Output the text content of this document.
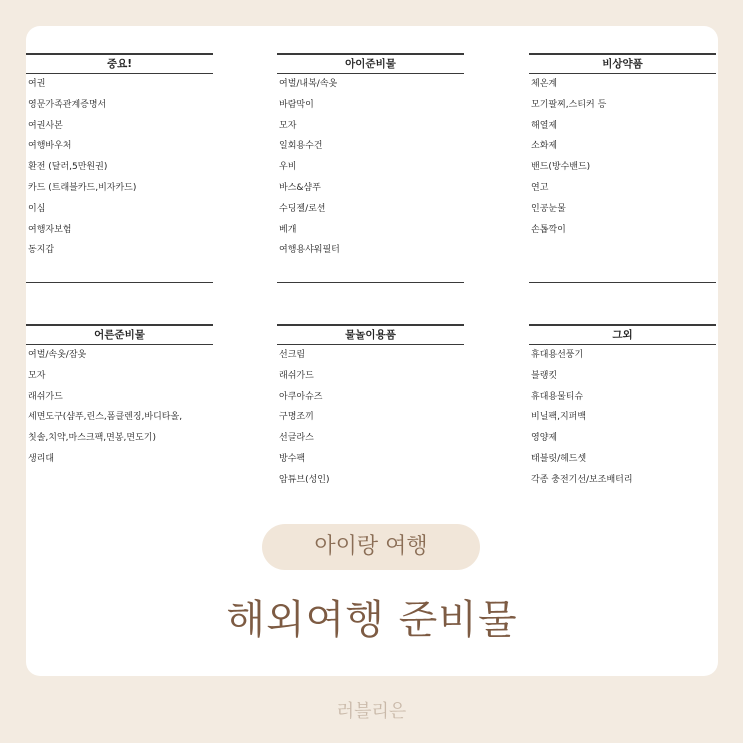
중요!
여권
영문가족관계증명서
여권사본
여행바우처
환전 (달러,5만원권)
카드 (트래블카드,비자카드)
이심
여행자보험
동지갑
아이준비물
여벌/내복/속옷
바람막이
모자
일회용수건
우비
바스&샴푸
수딩젤/로션
베개
여행용샤워필터
비상약품
체온계
모기팔찌,스티커 등
해열제
소화제
밴드(방수밴드)
연고
인공눈물
손톱깍이
어른준비물
여벌/속옷/잠옷
모자
래쉬가드
세면도구(샴푸,린스,폼클렌징,바디타올,
칫솔,치약,마스크팩,면봉,면도기)
생리대
물놀이용품
선크림
래쉬가드
아쿠아슈즈
구명조끼
선글라스
방수팩
암튜브(성인)
그외
휴대용선풍기
블랭킷
휴대용물티슈
비닐팩,지퍼백
영양제
태블릿/헤드셋
각종 충전기선/보조배터리
아이랑 여행
해외여행 준비물
러블리은
